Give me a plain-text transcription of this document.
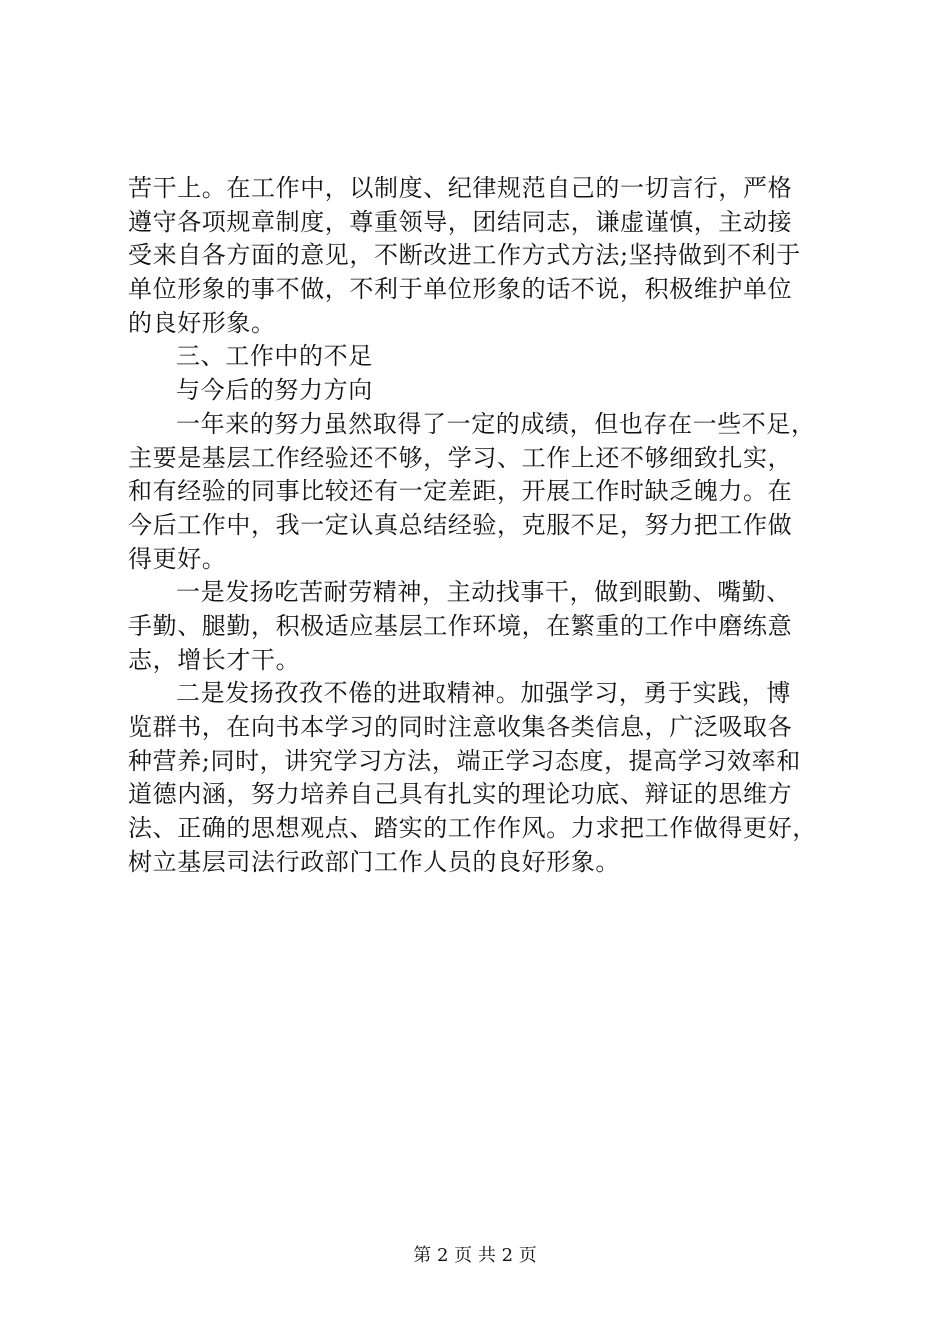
苦干上。在工作中，以制度、纪律规范自己的一切言行，严格
遵守各项规章制度，尊重领导，团结同志，谦虚谨慎，主动接
受来自各方面的意见，不断改进工作方式方法;坚持做到不利于
单位形象的事不做，不利于单位形象的话不说，积极维护单位
的良好形象。
三、工作中的不足
与今后的努力方向
一年来的努力虽然取得了一定的成绩，但也存在一些不足，
主要是基层工作经验还不够，学习、工作上还不够细致扎实，
和有经验的同事比较还有一定差距，开展工作时缺乏魄力。在
今后工作中，我一定认真总结经验，克服不足，努力把工作做
得更好。
一是发扬吃苦耐劳精神，主动找事干，做到眼勤、嘴勤、
手勤、腿勤，积极适应基层工作环境，在繁重的工作中磨练意
志，增长才干。
二是发扬孜孜不倦的进取精神。加强学习，勇于实践，博
览群书，在向书本学习的同时注意收集各类信息，广泛吸取各
种营养;同时，讲究学习方法，端正学习态度，提高学习效率和
道德内涵，努力培养自己具有扎实的理论功底、辩证的思维方
法、正确的思想观点、踏实的工作作风。力求把工作做得更好，
树立基层司法行政部门工作人员的良好形象。
第 2 页 共 2 页
